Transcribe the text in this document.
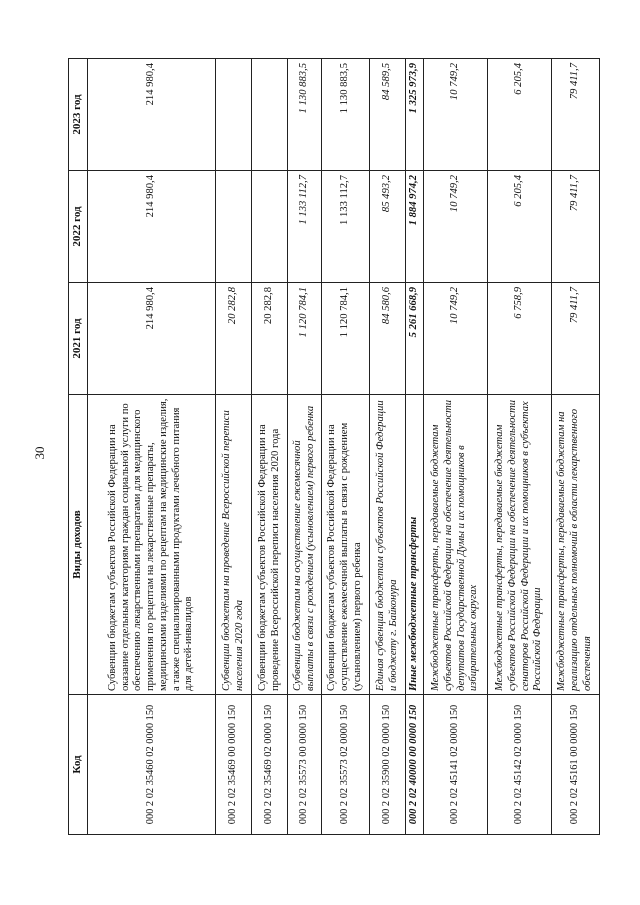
30
Код	Виды доходов	2021 год	2022 год	2023 год
000 2 02 35460 02 0000 150	Субвенции бюджетам субъектов Российской Федерации на оказание отдельным категориям граждан социальной услуги по обеспечению лекарственными препаратами для медицинского применения по рецептам на лекарственные препараты, медицинскими изделиями по рецептам на медицинские изделия, а также специализированными продуктами лечебного питания для детей-инвалидов	214 980,4	214 980,4	214 980,4
000 2 02 35469 00 0000 150	Субвенции бюджетам на проведение Всероссийской переписи населения 2020 года	20 282,8		
000 2 02 35469 02 0000 150	Субвенции бюджетам субъектов Российской Федерации на проведение Всероссийской переписи населения 2020 года	20 282,8		
000 2 02 35573 00 0000 150	Субвенции бюджетам на осуществление ежемесячной выплаты в связи с рождением (усыновлением) первого ребенка	1 120 784,1	1 133 112,7	1 130 883,5
000 2 02 35573 02 0000 150	Субвенции бюджетам субъектов Российской Федерации на осуществление ежемесячной выплаты в связи с рождением (усыновлением) первого ребенка	1 120 784,1	1 133 112,7	1 130 883,5
000 2 02 35900 02 0000 150	Единая субвенция бюджетам субъектов Российской Федерации и бюджету г. Байконура	84 580,6	85 493,2	84 589,5
000 2 02 40000 00 0000 150	Иные межбюджетные трансферты	5 261 668,9	1 884 974,2	1 325 973,9
000 2 02 45141 02 0000 150	Межбюджетные трансферты, передаваемые бюджетам субъектов Российской Федерации на обеспечение деятельности депутатов Государственной Думы и их помощников в избирательных округах	10 749,2	10 749,2	10 749,2
000 2 02 45142 02 0000 150	Межбюджетные трансферты, передаваемые бюджетам субъектов Российской Федерации на обеспечение деятельности сенаторов Российской Федерации и их помощников в субъектах Российской Федерации	6 758,9	6 205,4	6 205,4
000 2 02 45161 00 0000 150	Межбюджетные трансферты, передаваемые бюджетам на реализацию отдельных полномочий в области лекарственного обеспечения	79 411,7	79 411,7	79 411,7
